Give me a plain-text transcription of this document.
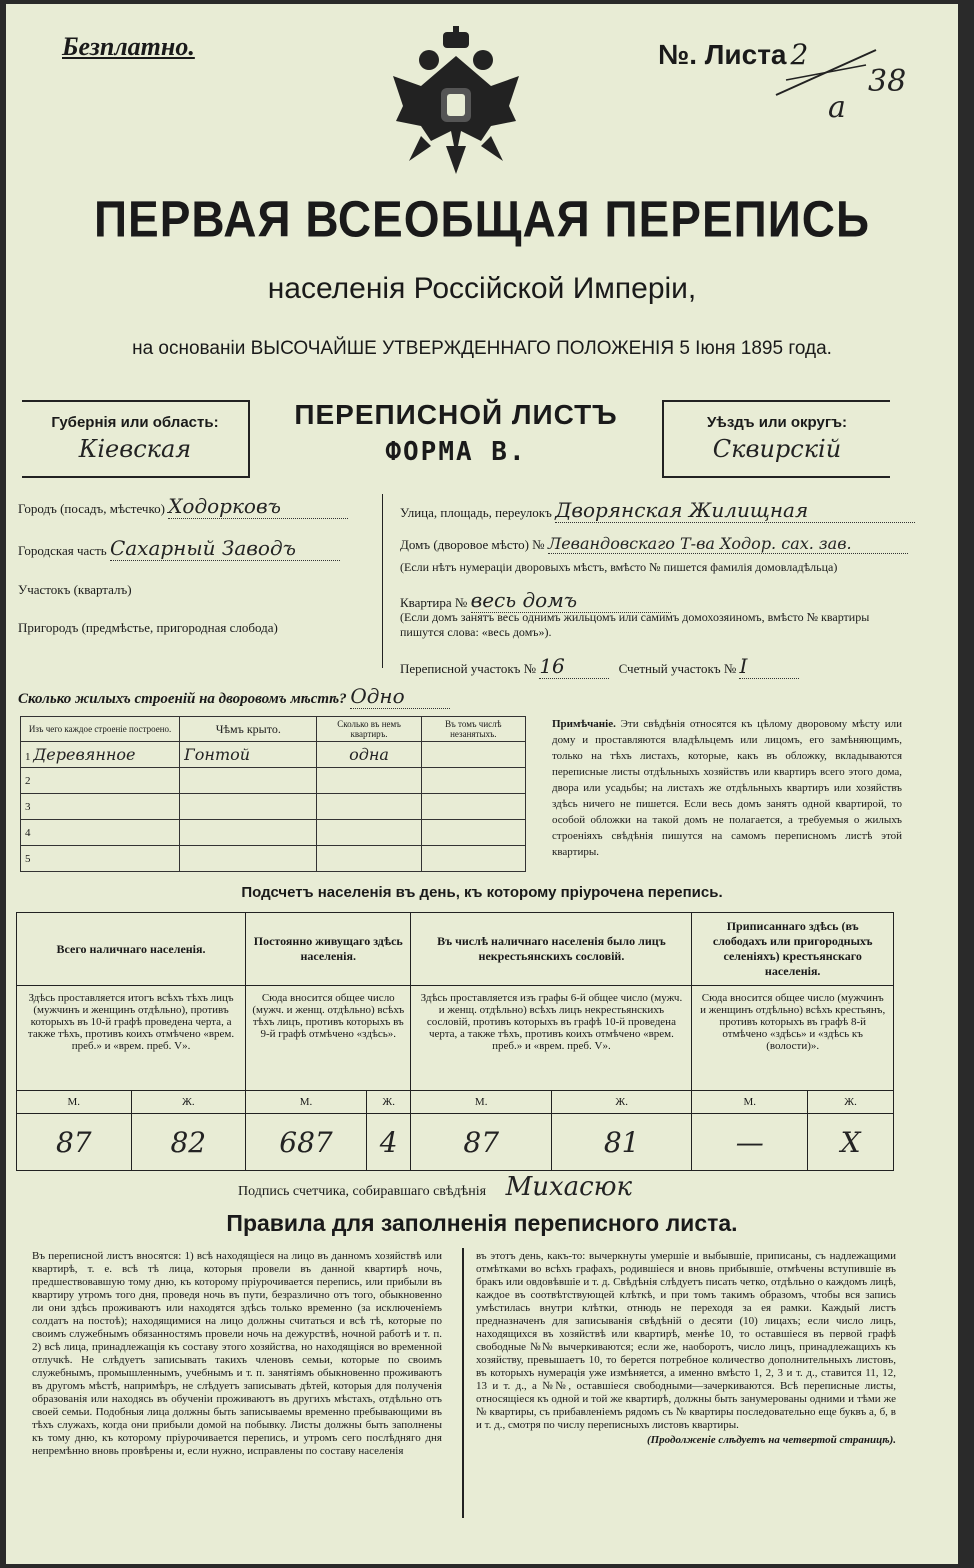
Безплатно.	№. Листа 2
а
38
ПЕРВАЯ ВСЕОБЩАЯ ПЕРЕПИСЬ
населенія Россійской Имперіи,
на основаніи ВЫСОЧАЙШЕ УТВЕРЖДЕННАГО ПОЛОЖЕНІЯ 5 Іюня 1895 года.
Губернія или область:
Кіевская
ПЕРЕПИСНОЙ ЛИСТЪ
ФОРМА В.
Уѣздъ или округъ:
Сквирскій
Городъ (посадъ, мѣстечко) Ходорковъ
Городская часть Сахарный Заводъ
Участокъ (кварталъ)
Пригородъ (предмѣстье, пригородная слобода)
Улица, площадь, переулокъ Дворянская Жилищная
Домъ (дворовое мѣсто) № Левандовскаго Т-ва Ходор. сах. зав.
(Если нѣтъ нумераціи дворовыхъ мѣстъ, вмѣсто № пишется фамилія домовладѣльца)
Квартира № весь домъ
(Если домъ занятъ весь однимъ жильцомъ или самимъ домохозяиномъ, вмѣсто № квартиры пишутся слова: «весь домъ»).
Переписной участокъ № 16	Счетный участокъ № I
Сколько жилыхъ строеній на дворовомъ мѣстѣ? Одно
Изъ чего каждое строеніе построено.	Чѣмъ крыто.	Сколько въ немъ квартиръ.	Въ томъ числѣ незанятыхъ.
1 Деревянное	Гонтой	одна	
2			
3			
4			
5			
Примѣчаніе. Эти свѣдѣнія относятся къ цѣлому дворовому мѣсту или дому и проставляются владѣльцемъ или лицомъ, его замѣняющимъ, только на тѣхъ листахъ, которые, какъ въ обложку, вкладываются переписные листы отдѣльныхъ хозяйствъ или квартиръ всего этого дома, двора или усадьбы; на листахъ же отдѣльныхъ квартиръ или хозяйствъ здѣсь ничего не пишется. Если весь домъ занятъ одной квартирой, то особой обложки на такой домъ не полагается, а требуемыя о жилыхъ строеніяхъ свѣдѣнія пишутся на самомъ переписномъ листѣ этой квартиры.
Подсчетъ населенія въ день, къ которому пріурочена перепись.
Всего наличнаго населенія.		Постоянно живущаго здѣсь населенія.		Въ числѣ наличнаго населенія было лицъ некрестьянскихъ сословій.		Приписаннаго здѣсь (въ слободахъ или пригородныхъ селеніяхъ) крестьянскаго населенія.	
Здѣсь проставляется итогъ всѣхъ тѣхъ лицъ (мужчинъ и женщинъ отдѣльно), противъ которыхъ въ 10-й графѣ проведена черта, а также тѣхъ, противъ коихъ отмѣчено «врем. преб.» и «врем. преб. V».		Сюда вносится общее число (мужч. и женщ. отдѣльно) всѣхъ тѣхъ лицъ, противъ которыхъ въ 9-й графѣ отмѣчено «здѣсь».		Здѣсь проставляется изъ графы 6-й общее число (мужч. и женщ. отдѣльно) всѣхъ лицъ некрестьянскихъ сословій, противъ которыхъ въ графѣ 10-й проведена черта, а также тѣхъ, противъ коихъ отмѣчено «врем. преб.» и «врем. преб. V».		Сюда вносится общее число (мужчинъ и женщинъ отдѣльно) всѣхъ крестьянъ, противъ которыхъ въ графѣ 8-й отмѣчено «здѣсь» и «здѣсь къ (волости)».	
М.	Ж.	М.	Ж.	М.	Ж.	М.	Ж.
87	82	687	4	87	81	—	X
Подпись счетчика, собиравшаго свѣдѣнія Михасюк
Правила для заполненія переписного листа.
Въ переписной листъ вносятся: 1) всѣ находящіеся на лицо въ данномъ хозяйствѣ или квартирѣ, т. е. всѣ тѣ лица, которыя провели въ данной квартирѣ ночь, предшествовавшую тому дню, къ которому пріурочивается перепись, или прибыли въ квартиру утромъ того дня, проведя ночь въ пути, безразлично отъ того, обыкновенно ли они здѣсь проживаютъ или находятся здѣсь только временно (за исключеніемъ солдатъ на постоѣ); находящимися на лицо должны считаться и всѣ тѣ, которые по своимъ служебнымъ обязанностямъ провели ночь на дежурствѣ, ночной работѣ и т. п. 2) всѣ лица, принадлежащія къ составу этого хозяйства, но находящіяся во временной отлучкѣ. Не слѣдуетъ записывать такихъ членовъ семьи, которые по своимъ служебнымъ, промышленнымъ, учебнымъ и т. п. занятіямъ обыкновенно проживаютъ въ другомъ мѣстѣ, напримѣръ, не слѣдуетъ записывать дѣтей, которыя для полученія образованія или находясь въ обученіи проживаютъ въ другихъ мѣстахъ, отдѣльно отъ своей семьи. Подобныя лица должны быть записываемы временно пребывающими въ тѣхъ служахъ, когда они прибыли домой на побывку. Листы должны быть заполнены къ тому дню, къ которому пріурочивается перепись, и утромъ сего послѣдняго дня непремѣнно вновь провѣрены и, если нужно, исправлены по составу населенія
въ этотъ день, какъ-то: вычеркнуты умершіе и выбывшіе, приписаны, съ надлежащими отмѣтками во всѣхъ графахъ, родившіеся и вновь прибывшіе, отмѣчены вступившіе въ бракъ или овдовѣвшіе и т. д. Свѣдѣнія слѣдуетъ писать четко, отдѣльно о каждомъ лицѣ, каждое въ соотвѣтствующей клѣткѣ, и при томъ такимъ образомъ, чтобы вся запись умѣстилась внутри клѣтки, отнюдь не переходя за ея рамки. Каждый листъ предназначенъ для записыванія свѣдѣній о десяти (10) лицахъ; если число лицъ, находящихся въ хозяйствѣ или квартирѣ, менѣе 10, то оставшіеся въ первой графѣ свободные №№ вычеркиваются; если же, наоборотъ, число лицъ, принадлежащихъ къ хозяйству, превышаетъ 10, то берется потребное количество дополнительныхъ листовъ, въ которыхъ нумерація уже измѣняется, а именно вмѣсто 1, 2, 3 и т. д., ставится 11, 12, 13 и т. д., а №№, оставшіеся свободными—зачеркиваются. Всѣ переписные листы, относящіеся къ одной и той же квартирѣ, должны быть занумерованы одними и тѣми же № квартиры, съ прибавленіемъ рядомъ съ № квартиры последовательно еще буквъ а, б, в и т. д., смотря по числу переписныхъ листовъ квартиры.
(Продолженіе слѣдуетъ на четвертой страницѣ).
